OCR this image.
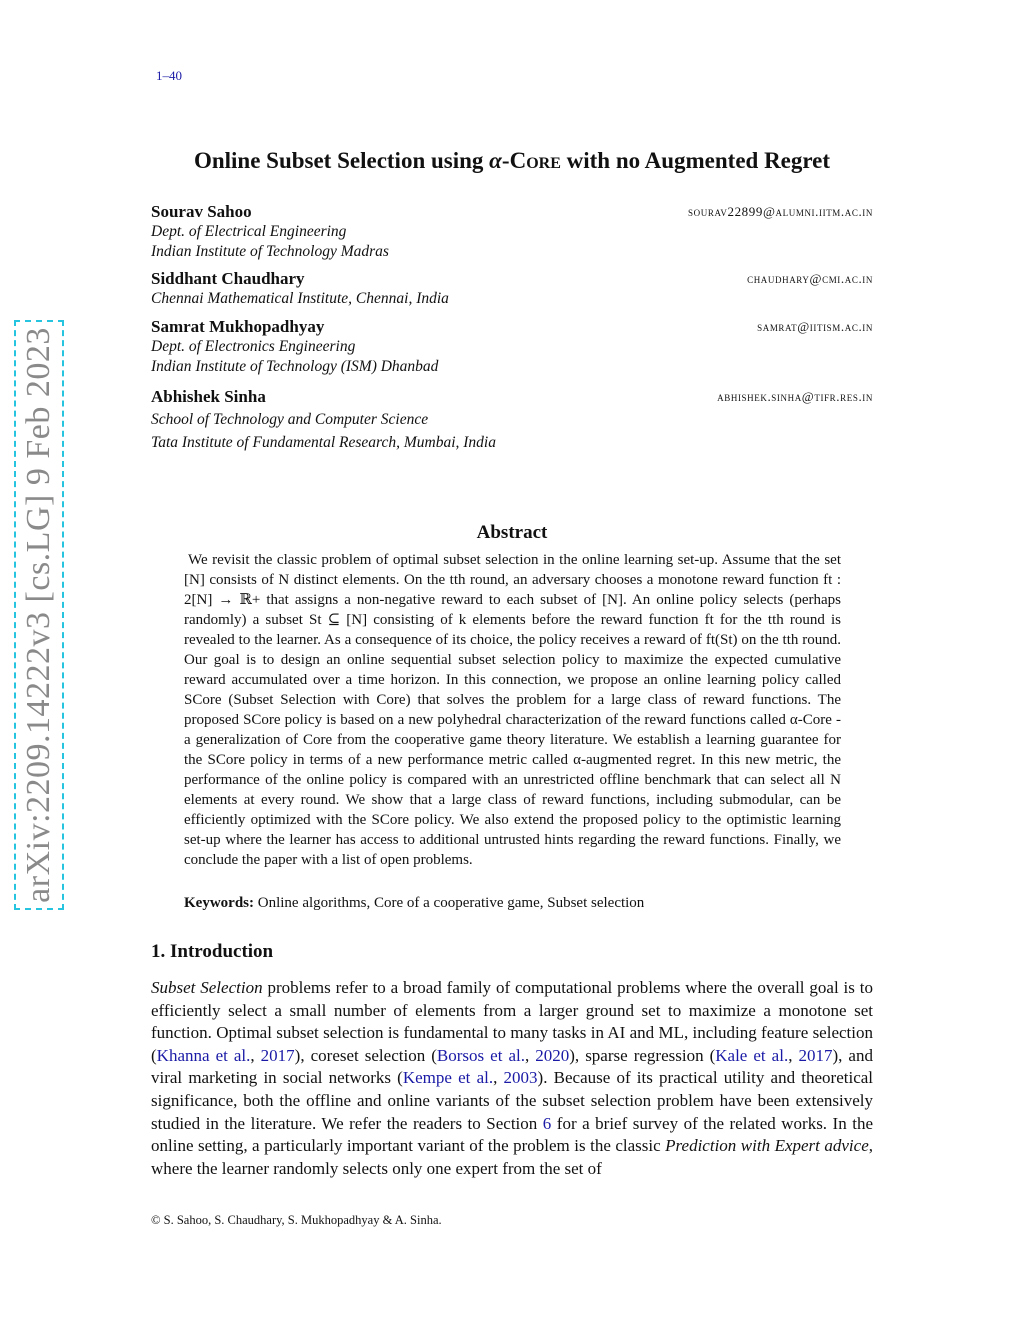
1–40
arXiv:2209.14222v3 [cs.LG] 9 Feb 2023
Online Subset Selection using α-Core with no Augmented Regret
Sourav Sahoo	sourav22899@alumni.iitm.ac.in
Dept. of Electrical Engineering
Indian Institute of Technology Madras
Siddhant Chaudhary	chaudhary@cmi.ac.in
Chennai Mathematical Institute, Chennai, India
Samrat Mukhopadhyay	samrat@iitism.ac.in
Dept. of Electronics Engineering
Indian Institute of Technology (ISM) Dhanbad
Abhishek Sinha	abhishek.sinha@tifr.res.in
School of Technology and Computer Science
Tata Institute of Fundamental Research, Mumbai, India
Abstract

We revisit the classic problem of optimal subset selection in the online learning set-up. Assume that the set [N] consists of N distinct elements. On the tth round, an adversary chooses a monotone reward function ft : 2[N] → ℝ+ that assigns a non-negative reward to each subset of [N]. An online policy selects (perhaps randomly) a subset St ⊆ [N] consisting of k elements before the reward function ft for the tth round is revealed to the learner. As a consequence of its choice, the policy receives a reward of ft(St) on the tth round. Our goal is to design an online sequential subset selection policy to maximize the expected cumulative reward accumulated over a time horizon. In this connection, we propose an online learning policy called SCore (Subset Selection with Core) that solves the problem for a large class of reward functions. The proposed SCore policy is based on a new polyhedral characterization of the reward functions called α-Core - a generalization of Core from the cooperative game theory literature. We establish a learning guarantee for the SCore policy in terms of a new performance metric called α-augmented regret. In this new metric, the performance of the online policy is compared with an unrestricted offline benchmark that can select all N elements at every round. We show that a large class of reward functions, including submodular, can be efficiently optimized with the SCore policy. We also extend the proposed policy to the optimistic learning set-up where the learner has access to additional untrusted hints regarding the reward functions. Finally, we conclude the paper with a list of open problems.

Keywords: Online algorithms, Core of a cooperative game, Subset selection

1. Introduction

Subset Selection problems refer to a broad family of computational problems where the overall goal is to efficiently select a small number of elements from a larger ground set to maximize a monotone set function. Optimal subset selection is fundamental to many tasks in AI and ML, including feature selection (Khanna et al., 2017), coreset selection (Borsos et al., 2020), sparse regression (Kale et al., 2017), and viral marketing in social networks (Kempe et al., 2003). Because of its practical utility and theoretical significance, both the offline and online variants of the subset selection problem have been extensively studied in the literature. We refer the readers to Section 6 for a brief survey of the related works. In the online setting, a particularly important variant of the problem is the classic Prediction with Expert advice, where the learner randomly selects only one expert from the set of

© S. Sahoo, S. Chaudhary, S. Mukhopadhyay & A. Sinha.
